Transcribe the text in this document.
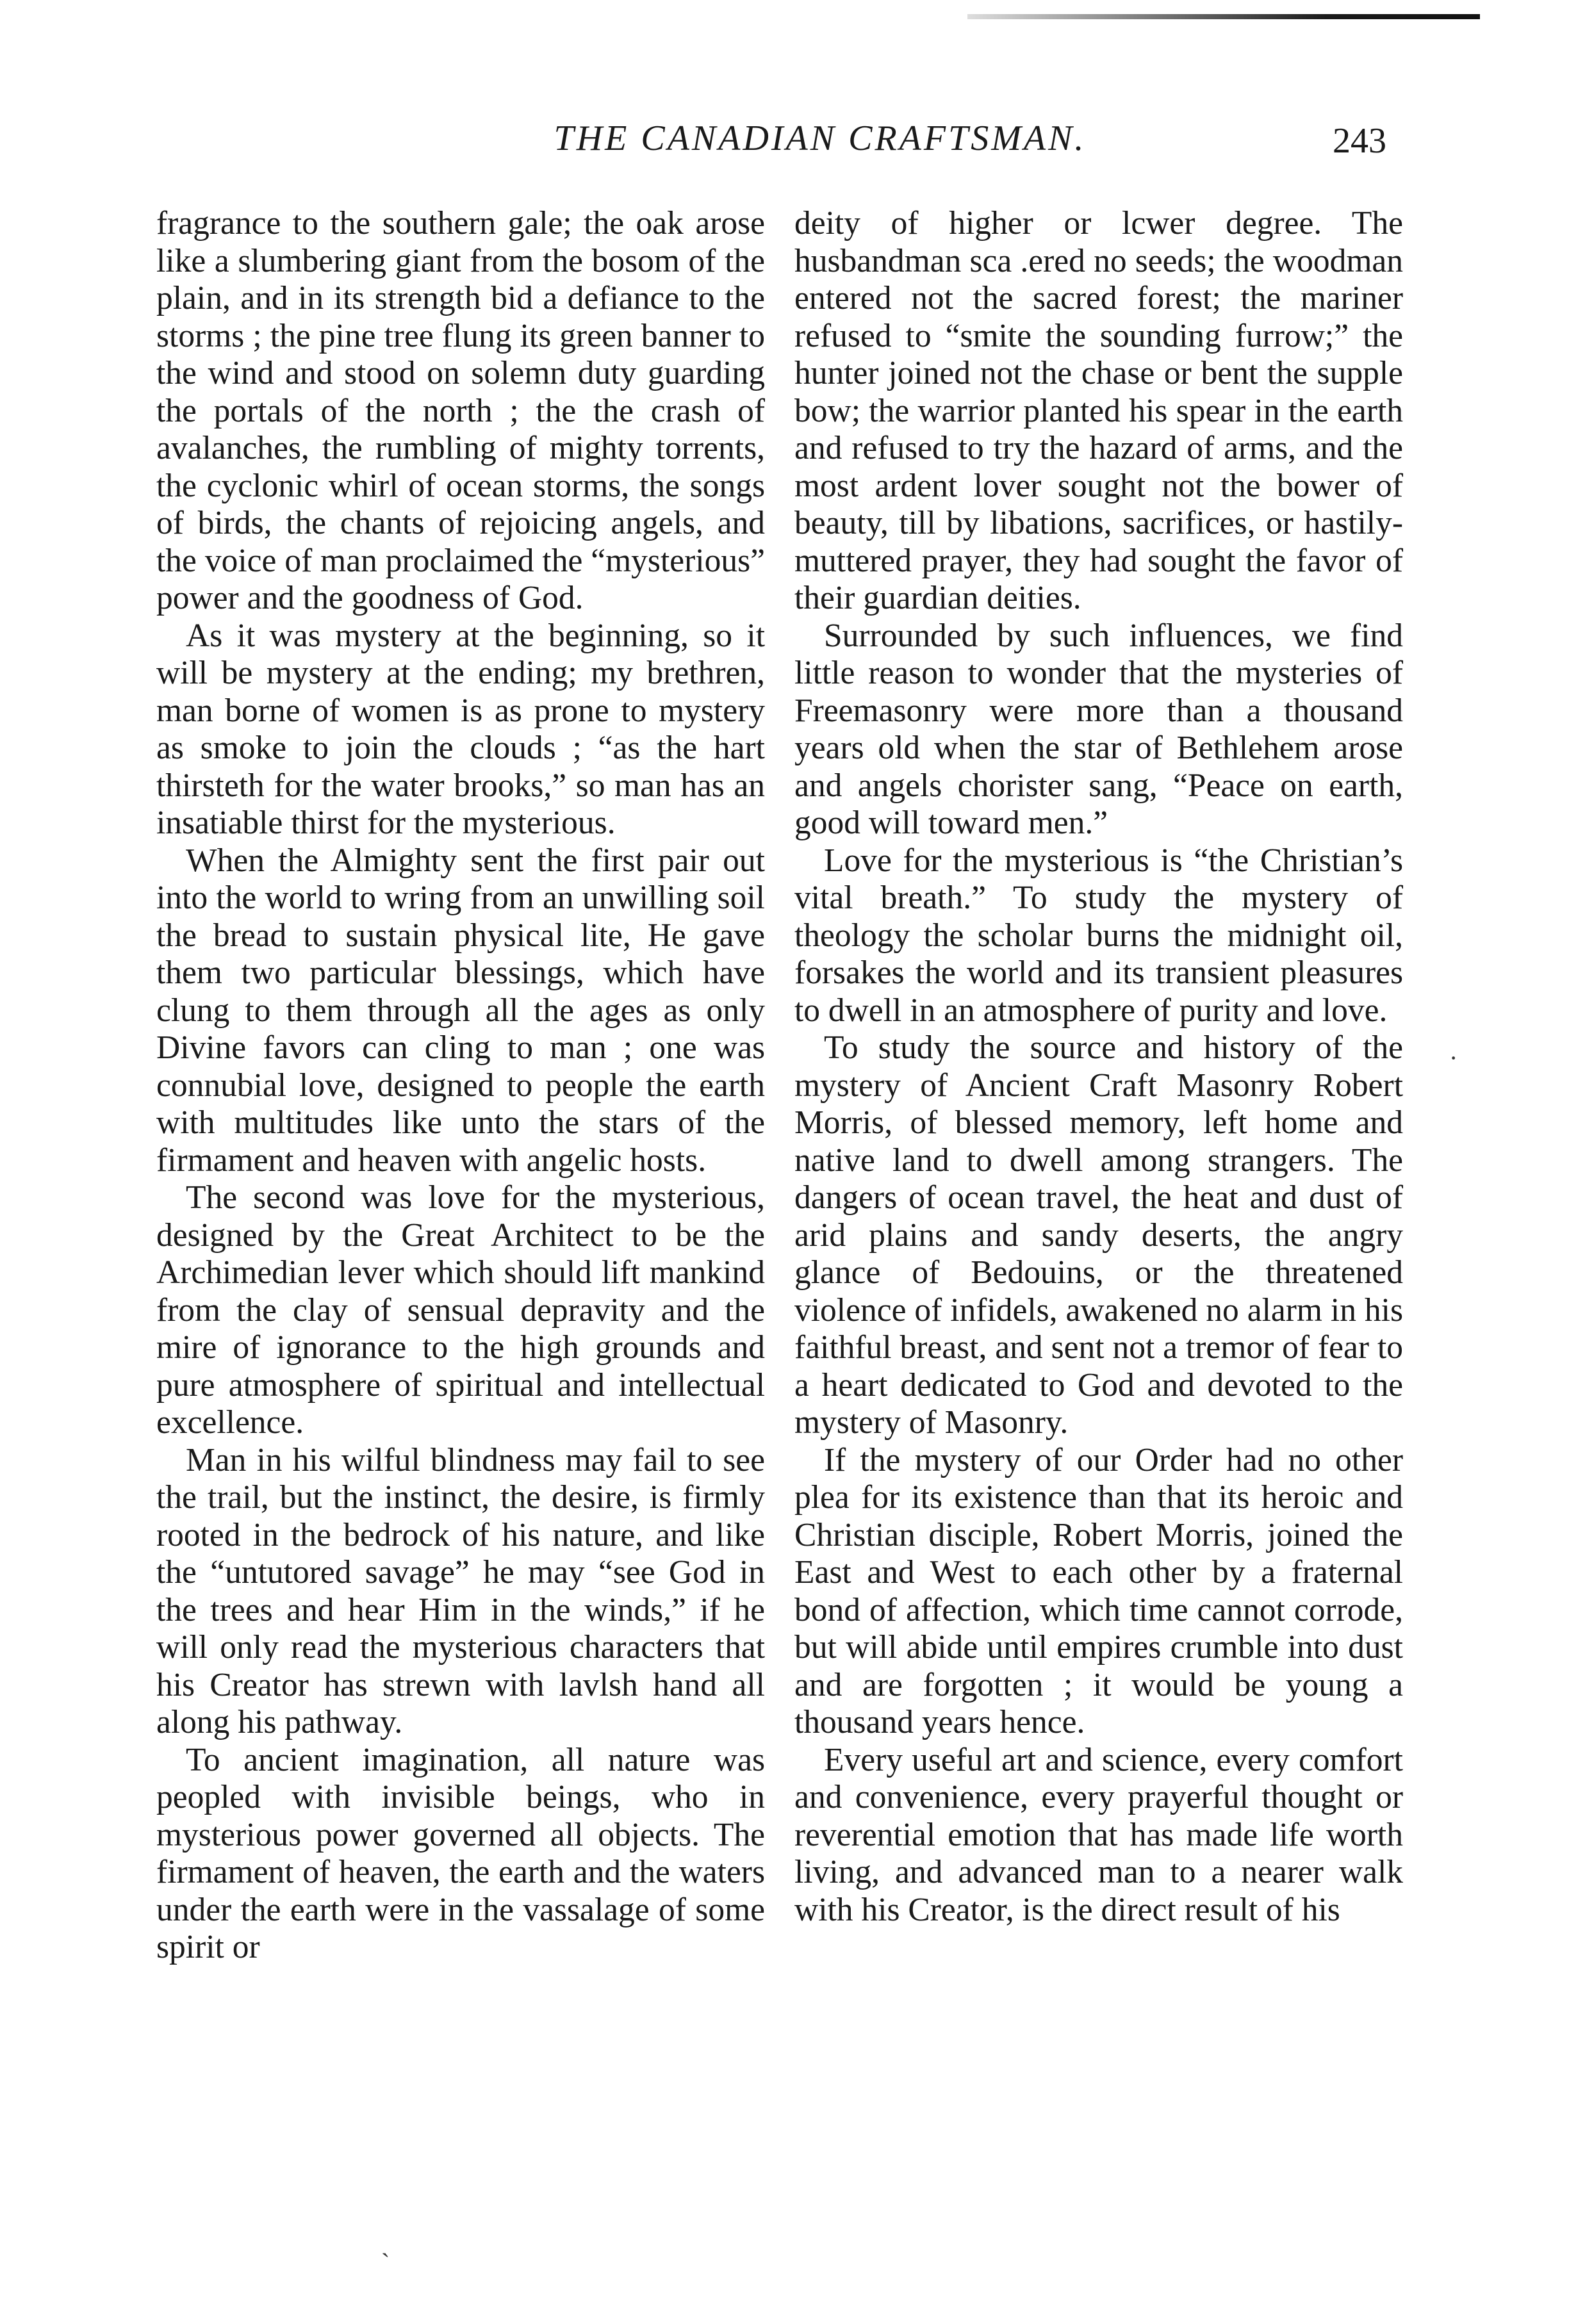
THE CANADIAN CRAFTSMAN.	243

fragrance to the southern gale; the oak arose like a slumbering giant from the bosom of the plain, and in its strength bid a defiance to the storms ; the pine tree flung its green banner to the wind and stood on solemn duty guarding the portals of the north ; the the crash of avalanches, the rumbling of mighty torrents, the cyclonic whirl of ocean storms, the songs of birds, the chants of rejoicing angels, and the voice of man proclaimed the “mysterious” power and the goodness of God.

As it was mystery at the beginning, so it will be mystery at the ending; my brethren, man borne of women is as prone to mystery as smoke to join the clouds ; “as the hart thirsteth for the water brooks,” so man has an insatiable thirst for the mysterious.

When the Almighty sent the first pair out into the world to wring from an unwilling soil the bread to sustain physical lite, He gave them two particular blessings, which have clung to them through all the ages as only Divine favors can cling to man ; one was connubial love, designed to people the earth with multitudes like unto the stars of the firmament and heaven with angelic hosts.

The second was love for the mysterious, designed by the Great Architect to be the Archimedian lever which should lift mankind from the clay of sensual depravity and the mire of ignorance to the high grounds and pure atmosphere of spiritual and intellectual excellence.

Man in his wilful blindness may fail to see the trail, but the instinct, the desire, is firmly rooted in the bedrock of his nature, and like the “untutored savage” he may “see God in the trees and hear Him in the winds,” if he will only read the mysterious characters that his Creator has strewn with lavlsh hand all along his pathway.

To ancient imagination, all nature was peopled with invisible beings, who in mysterious power governed all objects. The firmament of heaven, the earth and the waters under the earth were in the vassalage of some spirit or

deity of higher or lcwer degree. The husbandman sca .ered no seeds; the woodman entered not the sacred forest; the mariner refused to “smite the sounding furrow;” the hunter joined not the chase or bent the supple bow; the warrior planted his spear in the earth and refused to try the hazard of arms, and the most ardent lover sought not the bower of beauty, till by libations, sacrifices, or hastily-muttered prayer, they had sought the favor of their guardian deities.

Surrounded by such influences, we find little reason to wonder that the mysteries of Freemasonry were more than a thousand years old when the star of Bethlehem arose and angels chorister sang, “Peace on earth, good will toward men.”

Love for the mysterious is “the Christian’s vital breath.” To study the mystery of theology the scholar burns the midnight oil, forsakes the world and its transient pleasures to dwell in an atmosphere of purity and love.

To study the source and history of the mystery of Ancient Craft Masonry Robert Morris, of blessed memory, left home and native land to dwell among strangers. The dangers of ocean travel, the heat and dust of arid plains and sandy deserts, the angry glance of Bedouins, or the threatened violence of infidels, awakened no alarm in his faithful breast, and sent not a tremor of fear to a heart dedicated to God and devoted to the mystery of Masonry.

If the mystery of our Order had no other plea for its existence than that its heroic and Christian disciple, Robert Morris, joined the East and West to each other by a fraternal bond of affection, which time cannot corrode, but will abide until empires crumble into dust and are forgotten ; it would be young a thousand years hence.

Every useful art and science, every comfort and convenience, every prayerful thought or reverential emotion that has made life worth living, and advanced man to a nearer walk with his Creator, is the direct result of his

·
ˎ
